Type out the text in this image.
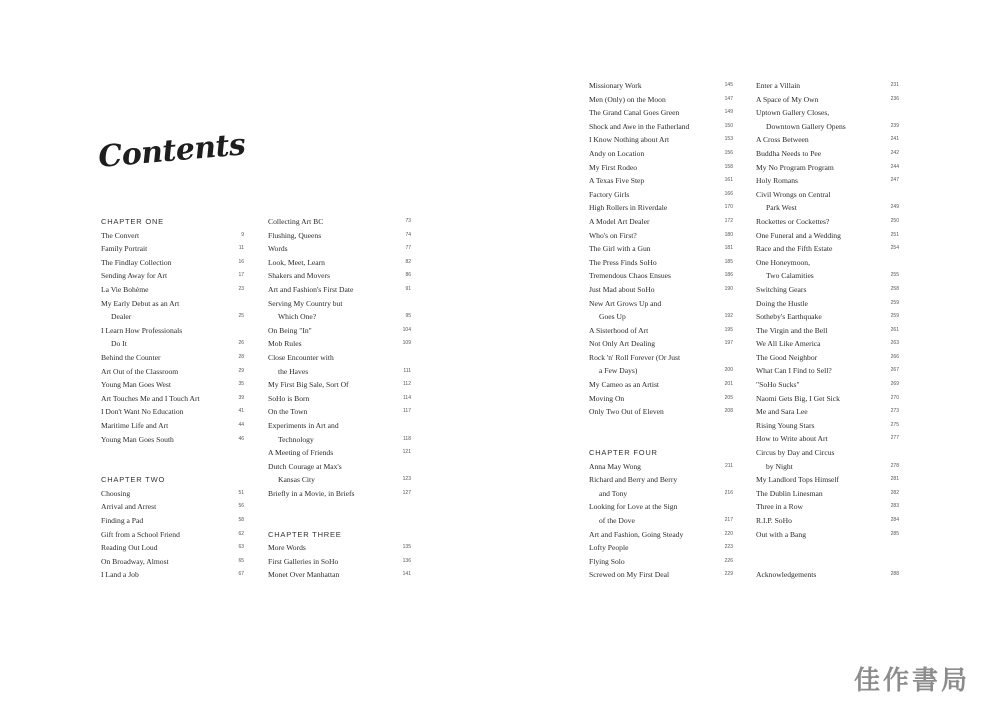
Contents
CHAPTER ONE
The Convert	9
Family Portrait	11
The Findlay Collection	16
Sending Away for Art	17
La Vie Bohème	23
My Early Debut as an Art
Dealer	25
I Learn How Professionals
Do It	26
Behind the Counter	28
Art Out of the Classroom	29
Young Man Goes West	35
Art Touches Me and I Touch Art	39
I Don't Want No Education	41
Maritime Life and Art	44
Young Man Goes South	46
CHAPTER TWO
Choosing	51
Arrival and Arrest	56
Finding a Pad	58
Gift from a School Friend	62
Reading Out Loud	63
On Broadway, Almost	65
I Land a Job	67
Collecting Art BC	73
Flushing, Queens	74
Words	77
Look, Meet, Learn	82
Shakers and Movers	86
Art and Fashion's First Date	91
Serving My Country but
Which One?	95
On Being "In"	104
Mob Rules	109
Close Encounter with
the Haves	111
My First Big Sale, Sort Of	112
SoHo is Born	114
On the Town	117
Experiments in Art and
Technology	118
A Meeting of Friends	121
Dutch Courage at Max's
Kansas City	123
Briefly in a Movie, in Briefs	127
CHAPTER THREE
More Words	135
First Galleries in SoHo	136
Monet Over Manhattan	141
Missionary Work	145
Men (Only) on the Moon	147
The Grand Canal Goes Green	149
Shock and Awe in the Fatherland	150
I Know Nothing about Art	153
Andy on Location	156
My First Rodeo	158
A Texas Five Step	161
Factory Girls	166
High Rollers in Riverdale	170
A Model Art Dealer	172
Who's on First?	180
The Girl with a Gun	181
The Press Finds SoHo	185
Tremendous Chaos Ensues	186
Just Mad about SoHo	190
New Art Grows Up and
Goes Up	192
A Sisterhood of Art	195
Not Only Art Dealing	197
Rock 'n' Roll Forever (Or Just
a Few Days)	200
My Cameo as an Artist	201
Moving On	205
Only Two Out of Eleven	208
CHAPTER FOUR
Anna May Wong	211
Richard and Berry and Berry
and Tony	216
Looking for Love at the Sign
of the Dove	217
Art and Fashion, Going Steady	220
Lofty People	223
Flying Solo	226
Screwed on My First Deal	229
Enter a Villain	231
A Space of My Own	236
Uptown Gallery Closes,
Downtown Gallery Opens	239
A Cross Between	241
Buddha Needs to Pee	242
My No Program Program	244
Holy Romans	247
Civil Wrongs on Central
Park West	249
Rockettes or Cockettes?	250
One Funeral and a Wedding	251
Race and the Fifth Estate	254
One Honeymoon,
Two Calamities	255
Switching Gears	258
Doing the Hustle	259
Sotheby's Earthquake	259
The Virgin and the Bell	261
We All Like America	263
The Good Neighbor	266
What Can I Find to Sell?	267
"SoHo Sucks"	269
Naomi Gets Big, I Get Sick	270
Me and Sara Lee	273
Rising Young Stars	275
How to Write about Art	277
Circus by Day and Circus
by Night	278
My Landlord Tops Himself	281
The Dublin Linesman	282
Three in a Row	283
R.I.P. SoHo	284
Out with a Bang	285
Acknowledgements	288
佳作書局
